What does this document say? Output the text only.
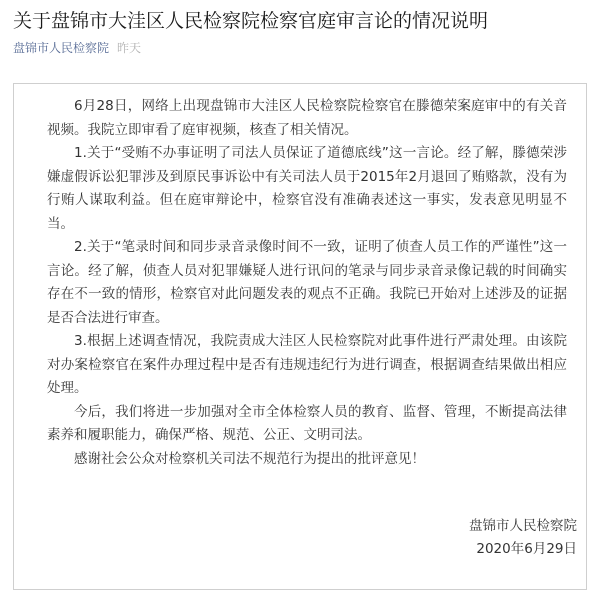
关于盘锦市大洼区人民检察院检察官庭审言论的情况说明
盘锦市人民检察院 昨天

6月28日，网络上出现盘锦市大洼区人民检察院检察官在滕德荣案庭审中的有关音视频。我院立即审看了庭审视频，核查了相关情况。

1.关于“受贿不办事证明了司法人员保证了道德底线”这一言论。经了解，滕德荣涉嫌虚假诉讼犯罪涉及到原民事诉讼中有关司法人员于2015年2月退回了贿赂款，没有为行贿人谋取利益。但在庭审辩论中，检察官没有准确表述这一事实，发表意见明显不当。

2.关于“笔录时间和同步录音录像时间不一致，证明了侦查人员工作的严谨性”这一言论。经了解，侦查人员对犯罪嫌疑人进行讯问的笔录与同步录音录像记载的时间确实存在不一致的情形，检察官对此问题发表的观点不正确。我院已开始对上述涉及的证据是否合法进行审查。

3.根据上述调查情况，我院责成大洼区人民检察院对此事件进行严肃处理。由该院对办案检察官在案件办理过程中是否有违规违纪行为进行调查，根据调查结果做出相应处理。

今后，我们将进一步加强对全市全体检察人员的教育、监督、管理，不断提高法律素养和履职能力，确保严格、规范、公正、文明司法。

感谢社会公众对检察机关司法不规范行为提出的批评意见！

盘锦市人民检察院
2020年6月29日
